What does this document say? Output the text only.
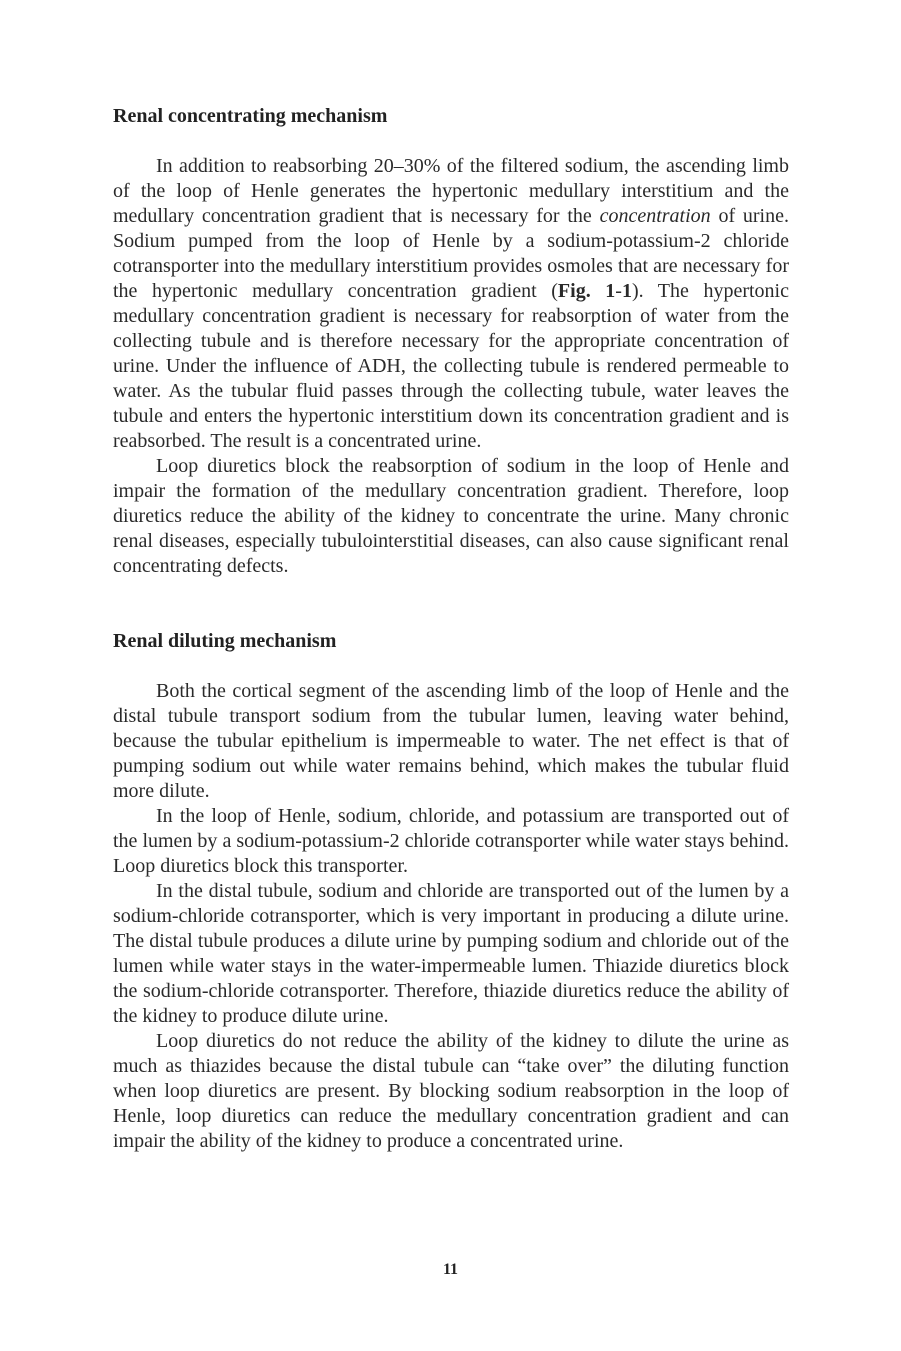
Renal concentrating mechanism

In addition to reabsorbing 20–30% of the filtered sodium, the ascending limb of the loop of Henle generates the hypertonic medullary interstitium and the medullary concentration gradient that is necessary for the concentration of urine. Sodium pumped from the loop of Henle by a sodium-potassium-2 chloride cotransporter into the medullary interstitium provides osmoles that are necessary for the hypertonic medullary concentration gradient (Fig. 1-1). The hypertonic medullary concentration gradient is necessary for reabsorption of water from the collecting tubule and is therefore necessary for the appropriate concentration of urine. Under the influence of ADH, the collecting tubule is rendered permeable to water. As the tubular fluid passes through the collecting tubule, water leaves the tubule and enters the hypertonic interstitium down its concentration gradient and is reabsorbed. The result is a concentrated urine.

Loop diuretics block the reabsorption of sodium in the loop of Henle and impair the formation of the medullary concentration gradient. Therefore, loop diuretics reduce the ability of the kidney to concentrate the urine. Many chronic renal diseases, especially tubulointerstitial diseases, can also cause significant renal concentrating defects.

Renal diluting mechanism

Both the cortical segment of the ascending limb of the loop of Henle and the distal tubule transport sodium from the tubular lumen, leaving water behind, because the tubular epithelium is impermeable to water. The net effect is that of pumping sodium out while water remains behind, which makes the tubular fluid more dilute.

In the loop of Henle, sodium, chloride, and potassium are transported out of the lumen by a sodium-potassium-2 chloride cotransporter while water stays behind. Loop diuretics block this transporter.

In the distal tubule, sodium and chloride are transported out of the lumen by a sodium-chloride cotransporter, which is very important in producing a dilute urine. The distal tubule produces a dilute urine by pumping sodium and chloride out of the lumen while water stays in the water-impermeable lumen. Thiazide diuretics block the sodium-chloride cotransporter. Therefore, thiazide diuretics reduce the ability of the kidney to produce dilute urine.

Loop diuretics do not reduce the ability of the kidney to dilute the urine as much as thiazides because the distal tubule can “take over” the diluting function when loop diuretics are present. By blocking sodium reabsorption in the loop of Henle, loop diuretics can reduce the medullary concentration gradient and can impair the ability of the kidney to produce a concentrated urine.

11
